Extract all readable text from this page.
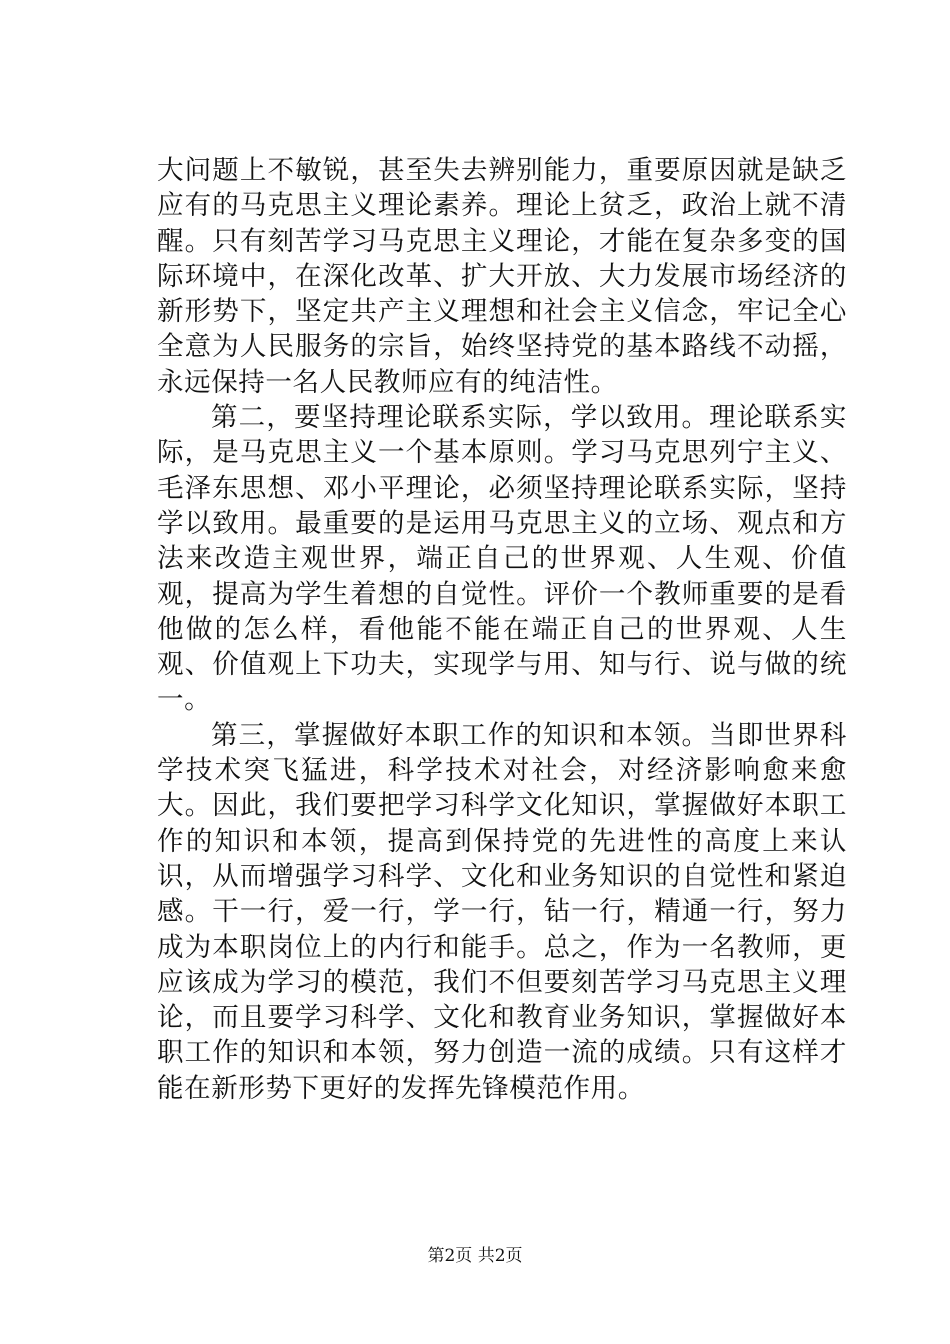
大问题上不敏锐，甚至失去辨别能力，重要原因就是缺乏应有的马克思主义理论素养。理论上贫乏，政治上就不清醒。只有刻苦学习马克思主义理论，才能在复杂多变的国际环境中，在深化改革、扩大开放、大力发展市场经济的新形势下，坚定共产主义理想和社会主义信念，牢记全心全意为人民服务的宗旨，始终坚持党的基本路线不动摇，永远保持一名人民教师应有的纯洁性。

第二，要坚持理论联系实际，学以致用。理论联系实际，是马克思主义一个基本原则。学习马克思列宁主义、毛泽东思想、邓小平理论，必须坚持理论联系实际，坚持学以致用。最重要的是运用马克思主义的立场、观点和方法来改造主观世界，端正自己的世界观、人生观、价值观，提高为学生着想的自觉性。评价一个教师重要的是看他做的怎么样，看他能不能在端正自己的世界观、人生观、价值观上下功夫，实现学与用、知与行、说与做的统一。

第三，掌握做好本职工作的知识和本领。当即世界科学技术突飞猛进，科学技术对社会，对经济影响愈来愈大。因此，我们要把学习科学文化知识，掌握做好本职工作的知识和本领，提高到保持党的先进性的高度上来认识，从而增强学习科学、文化和业务知识的自觉性和紧迫感。干一行，爱一行，学一行，钻一行，精通一行，努力成为本职岗位上的内行和能手。总之，作为一名教师，更应该成为学习的模范，我们不但要刻苦学习马克思主义理论，而且要学习科学、文化和教育业务知识，掌握做好本职工作的知识和本领，努力创造一流的成绩。只有这样才能在新形势下更好的发挥先锋模范作用。

第2页 共2页
